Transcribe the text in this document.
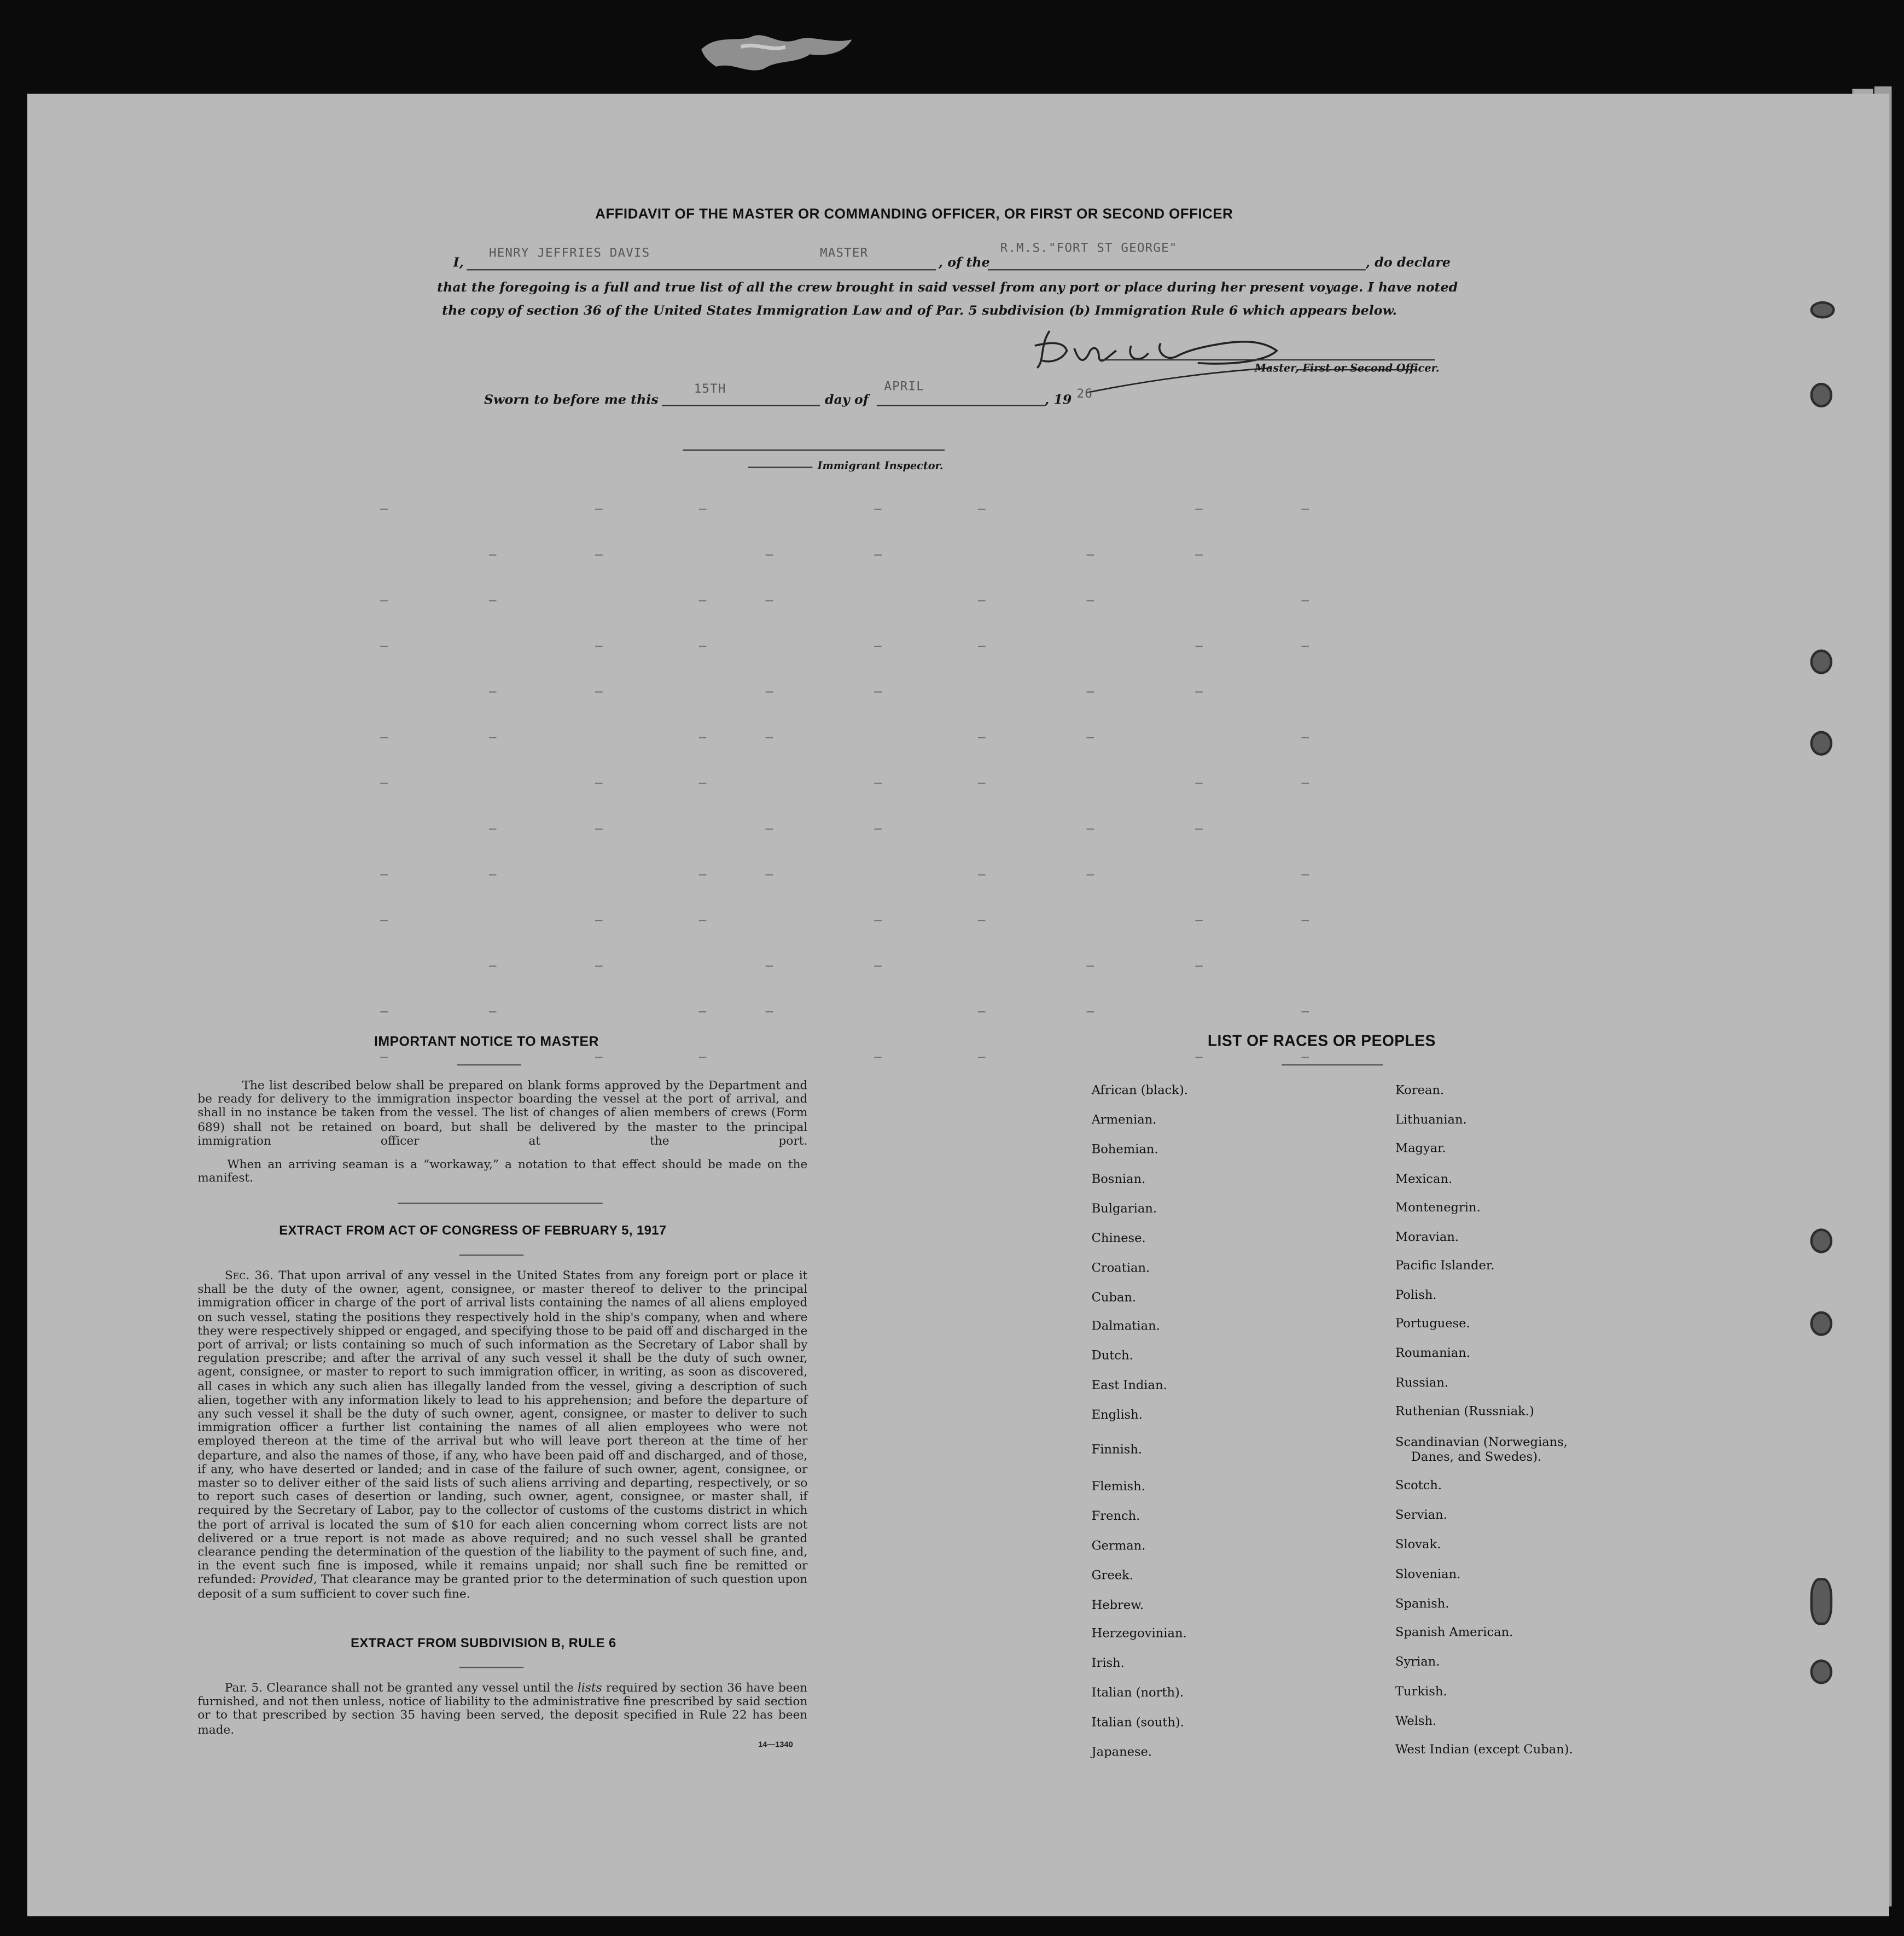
AFFIDAVIT OF THE MASTER OR COMMANDING OFFICER, OR FIRST OR SECOND OFFICER
I,
HENRY JEFFRIES DAVIS	MASTER
, of the
R.M.S."FORT ST GEORGE"
, do declare
that the foregoing is a full and true list of all the crew brought in said vessel from any port or place during her present voyage. I have noted
the copy of section 36 of the United States Immigration Law and of Par. 5 subdivision (b) Immigration Rule 6 which appears below.
Master, First or Second Officer.
Sworn to before me this
15TH
day of
APRIL
, 19 26
Immigrant Inspector.
IMPORTANT NOTICE TO MASTER

The list described below shall be prepared on blank forms approved by the Department and be ready for delivery to the immigration inspector boarding the vessel at the port of arrival, and shall in no instance be taken from the vessel. The list of changes of alien members of crews (Form 689) shall not be retained on board, but shall be delivered by the master to the principal immigration officer at the port.

When an arriving seaman is a “workaway,” a notation to that effect should be made on the manifest.

EXTRACT FROM ACT OF CONGRESS OF FEBRUARY 5, 1917

Sec. 36. That upon arrival of any vessel in the United States from any foreign port or place it shall be the duty of the owner, agent, consignee, or master thereof to deliver to the principal immigration officer in charge of the port of arrival lists containing the names of all aliens employed on such vessel, stating the positions they respectively hold in the ship's company, when and where they were respectively shipped or engaged, and specifying those to be paid off and discharged in the port of arrival; or lists containing so much of such information as the Secretary of Labor shall by regulation prescribe; and after the arrival of any such vessel it shall be the duty of such owner, agent, consignee, or master to report to such immigration officer, in writing, as soon as discovered, all cases in which any such alien has illegally landed from the vessel, giving a description of such alien, together with any information likely to lead to his apprehension; and before the departure of any such vessel it shall be the duty of such owner, agent, consignee, or master to deliver to such immigration officer a further list containing the names of all alien employees who were not employed thereon at the time of the arrival but who will leave port thereon at the time of her departure, and also the names of those, if any, who have been paid off and discharged, and of those, if any, who have deserted or landed; and in case of the failure of such owner, agent, consignee, or master so to deliver either of the said lists of such aliens arriving and departing, respectively, or so to report such cases of desertion or landing, such owner, agent, consignee, or master shall, if required by the Secretary of Labor, pay to the collector of customs of the customs district in which the port of arrival is located the sum of $10 for each alien concerning whom correct lists are not delivered or a true report is not made as above required; and no such vessel shall be granted clearance pending the determination of the question of the liability to the payment of such fine, and, in the event such fine is imposed, while it remains unpaid; nor shall such fine be remitted or refunded: Provided, That clearance may be granted prior to the determination of such question upon deposit of a sum sufficient to cover such fine.

EXTRACT FROM SUBDIVISION B, RULE 6

Par. 5. Clearance shall not be granted any vessel until the lists required by section 36 have been furnished, and not then unless, notice of liability to the administrative fine prescribed by said section or to that prescribed by section 35 having been served, the deposit specified in Rule 22 has been made.

14—1340
LIST OF RACES OR PEOPLES
African (black).
Armenian.
Bohemian.
Bosnian.
Bulgarian.
Chinese.
Croatian.
Cuban.
Dalmatian.
Dutch.
East Indian.
English.
Finnish.
Flemish.
French.
German.
Greek.
Hebrew.
Herzegovinian.
Irish.
Italian (north).
Italian (south).
Japanese.
Korean.
Lithuanian.
Magyar.
Mexican.
Montenegrin.
Moravian.
Pacific Islander.
Polish.
Portuguese.
Roumanian.
Russian.
Ruthenian (Russniak.)
Scandinavian (Norwegians,
Danes, and Swedes).
Scotch.
Servian.
Slovak.
Slovenian.
Spanish.
Spanish American.
Syrian.
Turkish.
Welsh.
West Indian (except Cuban).
